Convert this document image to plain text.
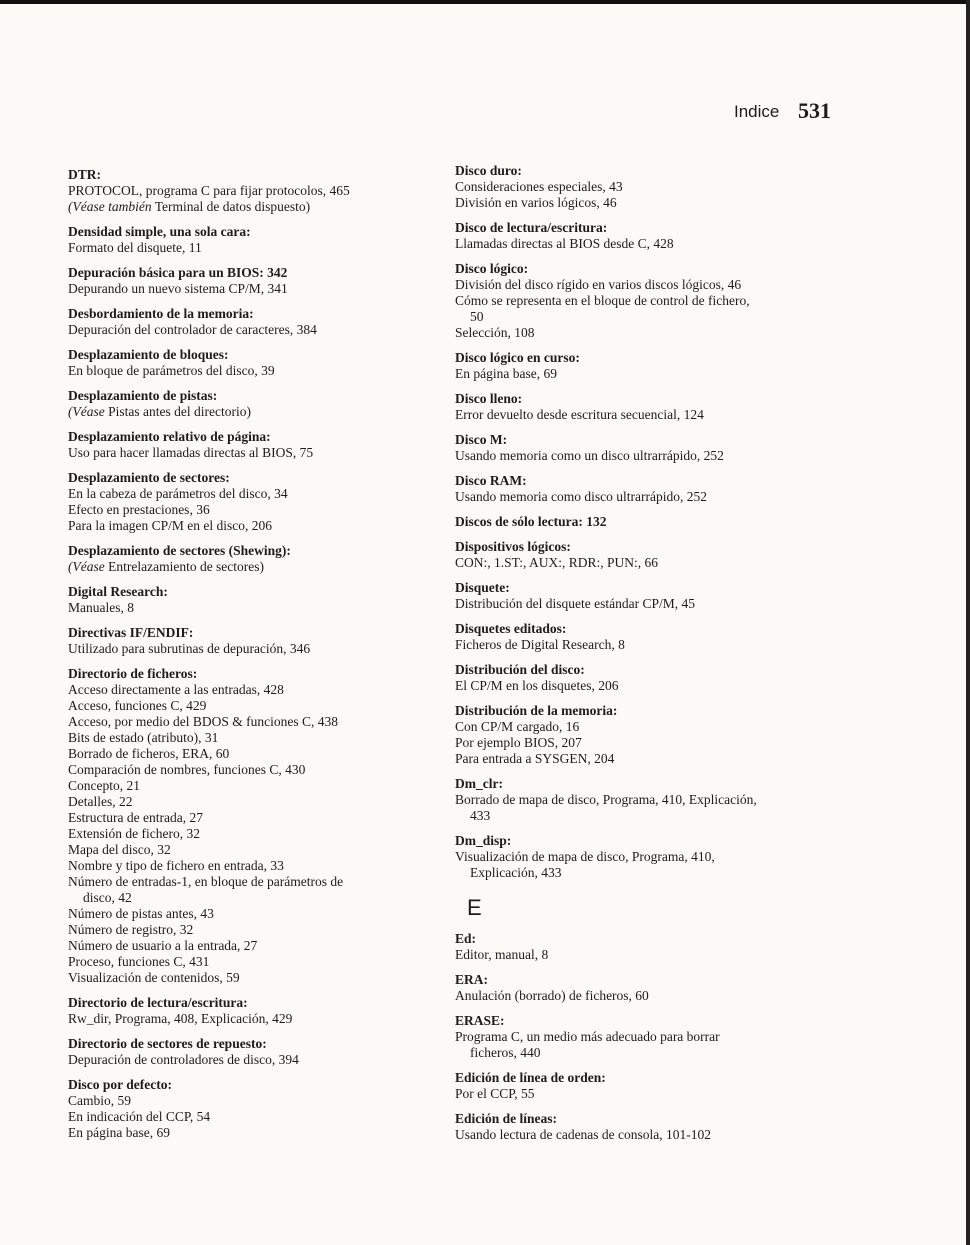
Indice 531

DTR:

PROTOCOL, programa C para fijar protocolos, 465

(Véase también Terminal de datos dispuesto)

Densidad simple, una sola cara:

Formato del disquete, 11

Depuración básica para un BIOS: 342

Depurando un nuevo sistema CP/M, 341

Desbordamiento de la memoria:

Depuración del controlador de caracteres, 384

Desplazamiento de bloques:

En bloque de parámetros del disco, 39

Desplazamiento de pistas:

(Véase Pistas antes del directorio)

Desplazamiento relativo de página:

Uso para hacer llamadas directas al BIOS, 75

Desplazamiento de sectores:

En la cabeza de parámetros del disco, 34

Efecto en prestaciones, 36

Para la imagen CP/M en el disco, 206

Desplazamiento de sectores (Shewing):

(Véase Entrelazamiento de sectores)

Digital Research:

Manuales, 8

Directivas IF/ENDIF:

Utilizado para subrutinas de depuración, 346

Directorio de ficheros:

Acceso directamente a las entradas, 428

Acceso, funciones C, 429

Acceso, por medio del BDOS & funciones C, 438

Bits de estado (atributo), 31

Borrado de ficheros, ERA, 60

Comparación de nombres, funciones C, 430

Concepto, 21

Detalles, 22

Estructura de entrada, 27

Extensión de fichero, 32

Mapa del disco, 32

Nombre y tipo de fichero en entrada, 33

Número de entradas-1, en bloque de parámetros de

disco, 42

Número de pistas antes, 43

Número de registro, 32

Número de usuario a la entrada, 27

Proceso, funciones C, 431

Visualización de contenidos, 59

Directorio de lectura/escritura:

Rw_dir, Programa, 408, Explicación, 429

Directorio de sectores de repuesto:

Depuración de controladores de disco, 394

Disco por defecto:

Cambio, 59

En indicación del CCP, 54

En página base, 69

Disco duro:

Consideraciones especiales, 43

División en varios lógicos, 46

Disco de lectura/escritura:

Llamadas directas al BIOS desde C, 428

Disco lógico:

División del disco rígido en varios discos lógicos, 46

Cómo se representa en el bloque de control de fichero,

50

Selección, 108

Disco lógico en curso:

En página base, 69

Disco lleno:

Error devuelto desde escritura secuencial, 124

Disco M:

Usando memoria como un disco ultrarrápido, 252

Disco RAM:

Usando memoria como disco ultrarrápido, 252

Discos de sólo lectura: 132

Dispositivos lógicos:

CON:, 1.ST:, AUX:, RDR:, PUN:, 66

Disquete:

Distribución del disquete estándar CP/M, 45

Disquetes editados:

Ficheros de Digital Research, 8

Distribución del disco:

El CP/M en los disquetes, 206

Distribución de la memoria:

Con CP/M cargado, 16

Por ejemplo BIOS, 207

Para entrada a SYSGEN, 204

Dm_clr:

Borrado de mapa de disco, Programa, 410, Explicación,

433

Dm_disp:

Visualización de mapa de disco, Programa, 410,

Explicación, 433

E

Ed:

Editor, manual, 8

ERA:

Anulación (borrado) de ficheros, 60

ERASE:

Programa C, un medio más adecuado para borrar

ficheros, 440

Edición de línea de orden:

Por el CCP, 55

Edición de líneas:

Usando lectura de cadenas de consola, 101-102
